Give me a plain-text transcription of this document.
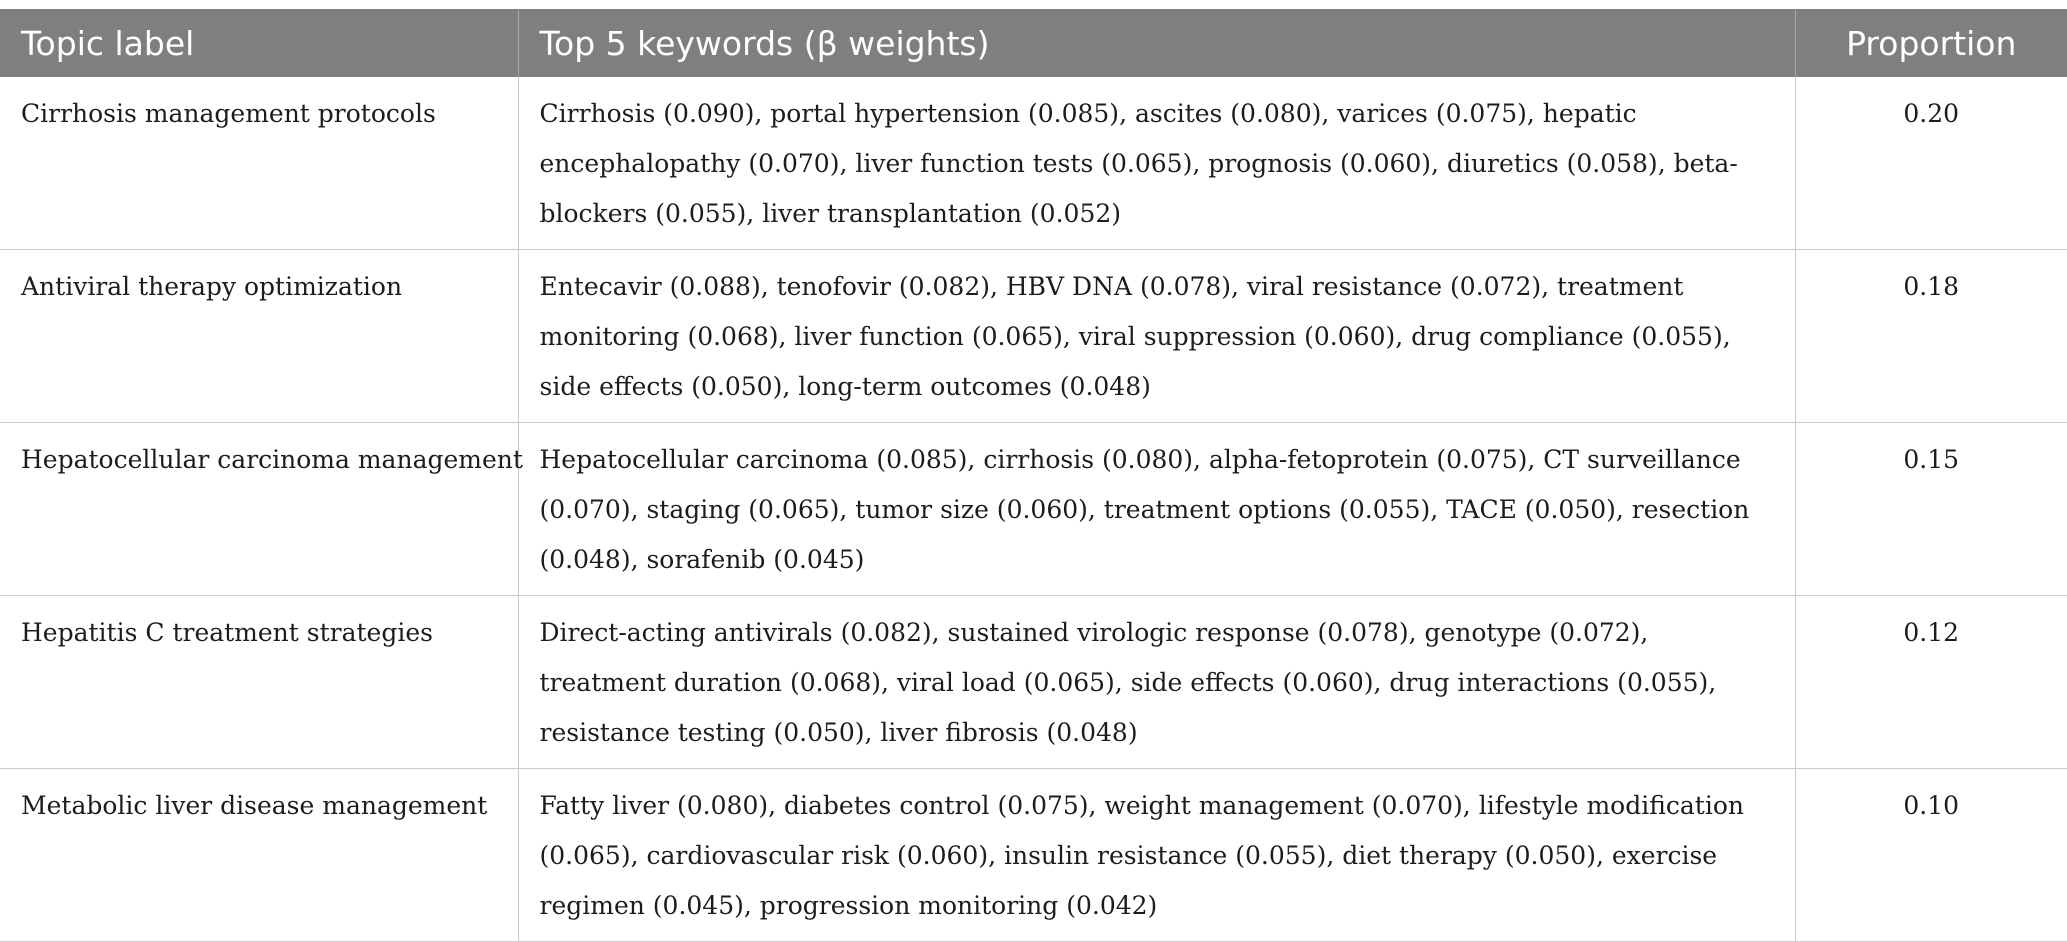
Topic label	Top 5 keywords (β weights)	Proportion
Cirrhosis management protocols	Cirrhosis (0.090), portal hypertension (0.085), ascites (0.080), varices (0.075), hepatic encephalopathy (0.070), liver function tests (0.065), prognosis (0.060), diuretics (0.058), beta-blockers (0.055), liver transplantation (0.052)	0.20
Antiviral therapy optimization	Entecavir (0.088), tenofovir (0.082), HBV DNA (0.078), viral resistance (0.072), treatment monitoring (0.068), liver function (0.065), viral suppression (0.060), drug compliance (0.055), side effects (0.050), long-term outcomes (0.048)	0.18
Hepatocellular carcinoma management	Hepatocellular carcinoma (0.085), cirrhosis (0.080), alpha-fetoprotein (0.075), CT surveillance (0.070), staging (0.065), tumor size (0.060), treatment options (0.055), TACE (0.050), resection (0.048), sorafenib (0.045)	0.15
Hepatitis C treatment strategies	Direct-acting antivirals (0.082), sustained virologic response (0.078), genotype (0.072), treatment duration (0.068), viral load (0.065), side effects (0.060), drug interactions (0.055), resistance testing (0.050), liver fibrosis (0.048)	0.12
Metabolic liver disease management	Fatty liver (0.080), diabetes control (0.075), weight management (0.070), lifestyle modification (0.065), cardiovascular risk (0.060), insulin resistance (0.055), diet therapy (0.050), exercise regimen (0.045), progression monitoring (0.042)	0.10
